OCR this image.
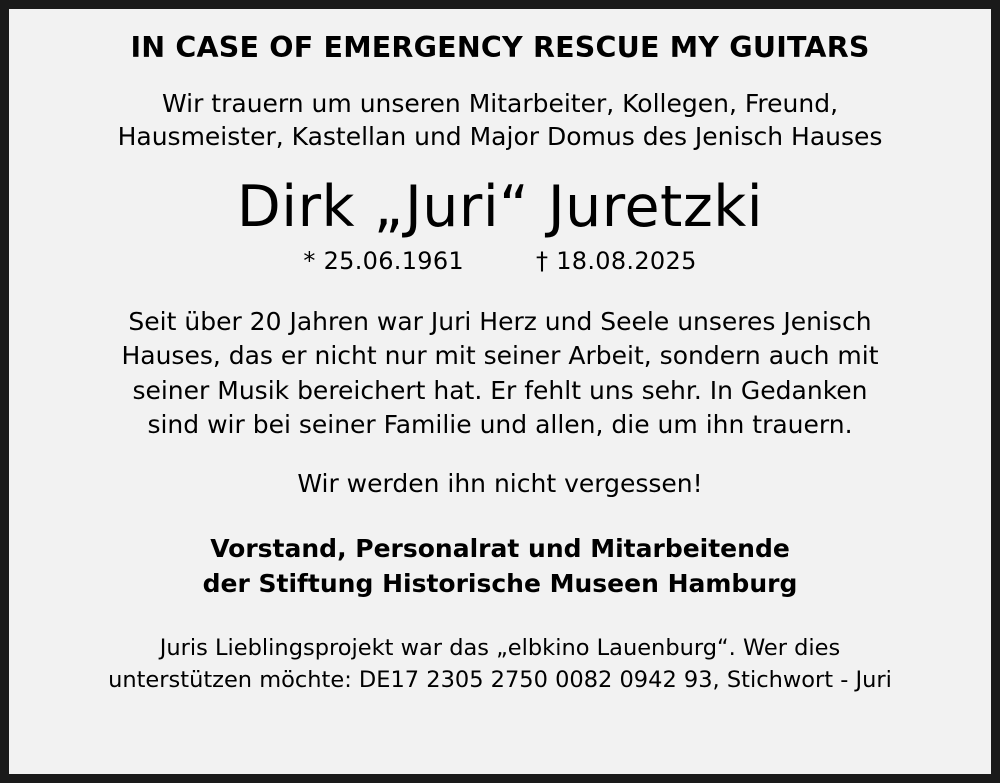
IN CASE OF EMERGENCY RESCUE MY GUITARS
Wir trauern um unseren Mitarbeiter, Kollegen, Freund,
Hausmeister, Kastellan und Major Domus des Jenisch Hauses
Dirk „Juri“ Juretzki
* 25.06.1961	† 18.08.2025
Seit über 20 Jahren war Juri Herz und Seele unseres Jenisch
Hauses, das er nicht nur mit seiner Arbeit, sondern auch mit
seiner Musik bereichert hat. Er fehlt uns sehr. In Gedanken
sind wir bei seiner Familie und allen, die um ihn trauern.
Wir werden ihn nicht vergessen!
Vorstand, Personalrat und Mitarbeitende
der Stiftung Historische Museen Hamburg
Juris Lieblingsprojekt war das „elbkino Lauenburg“. Wer dies
unterstützen möchte: DE17 2305 2750 0082 0942 93, Stichwort - Juri
